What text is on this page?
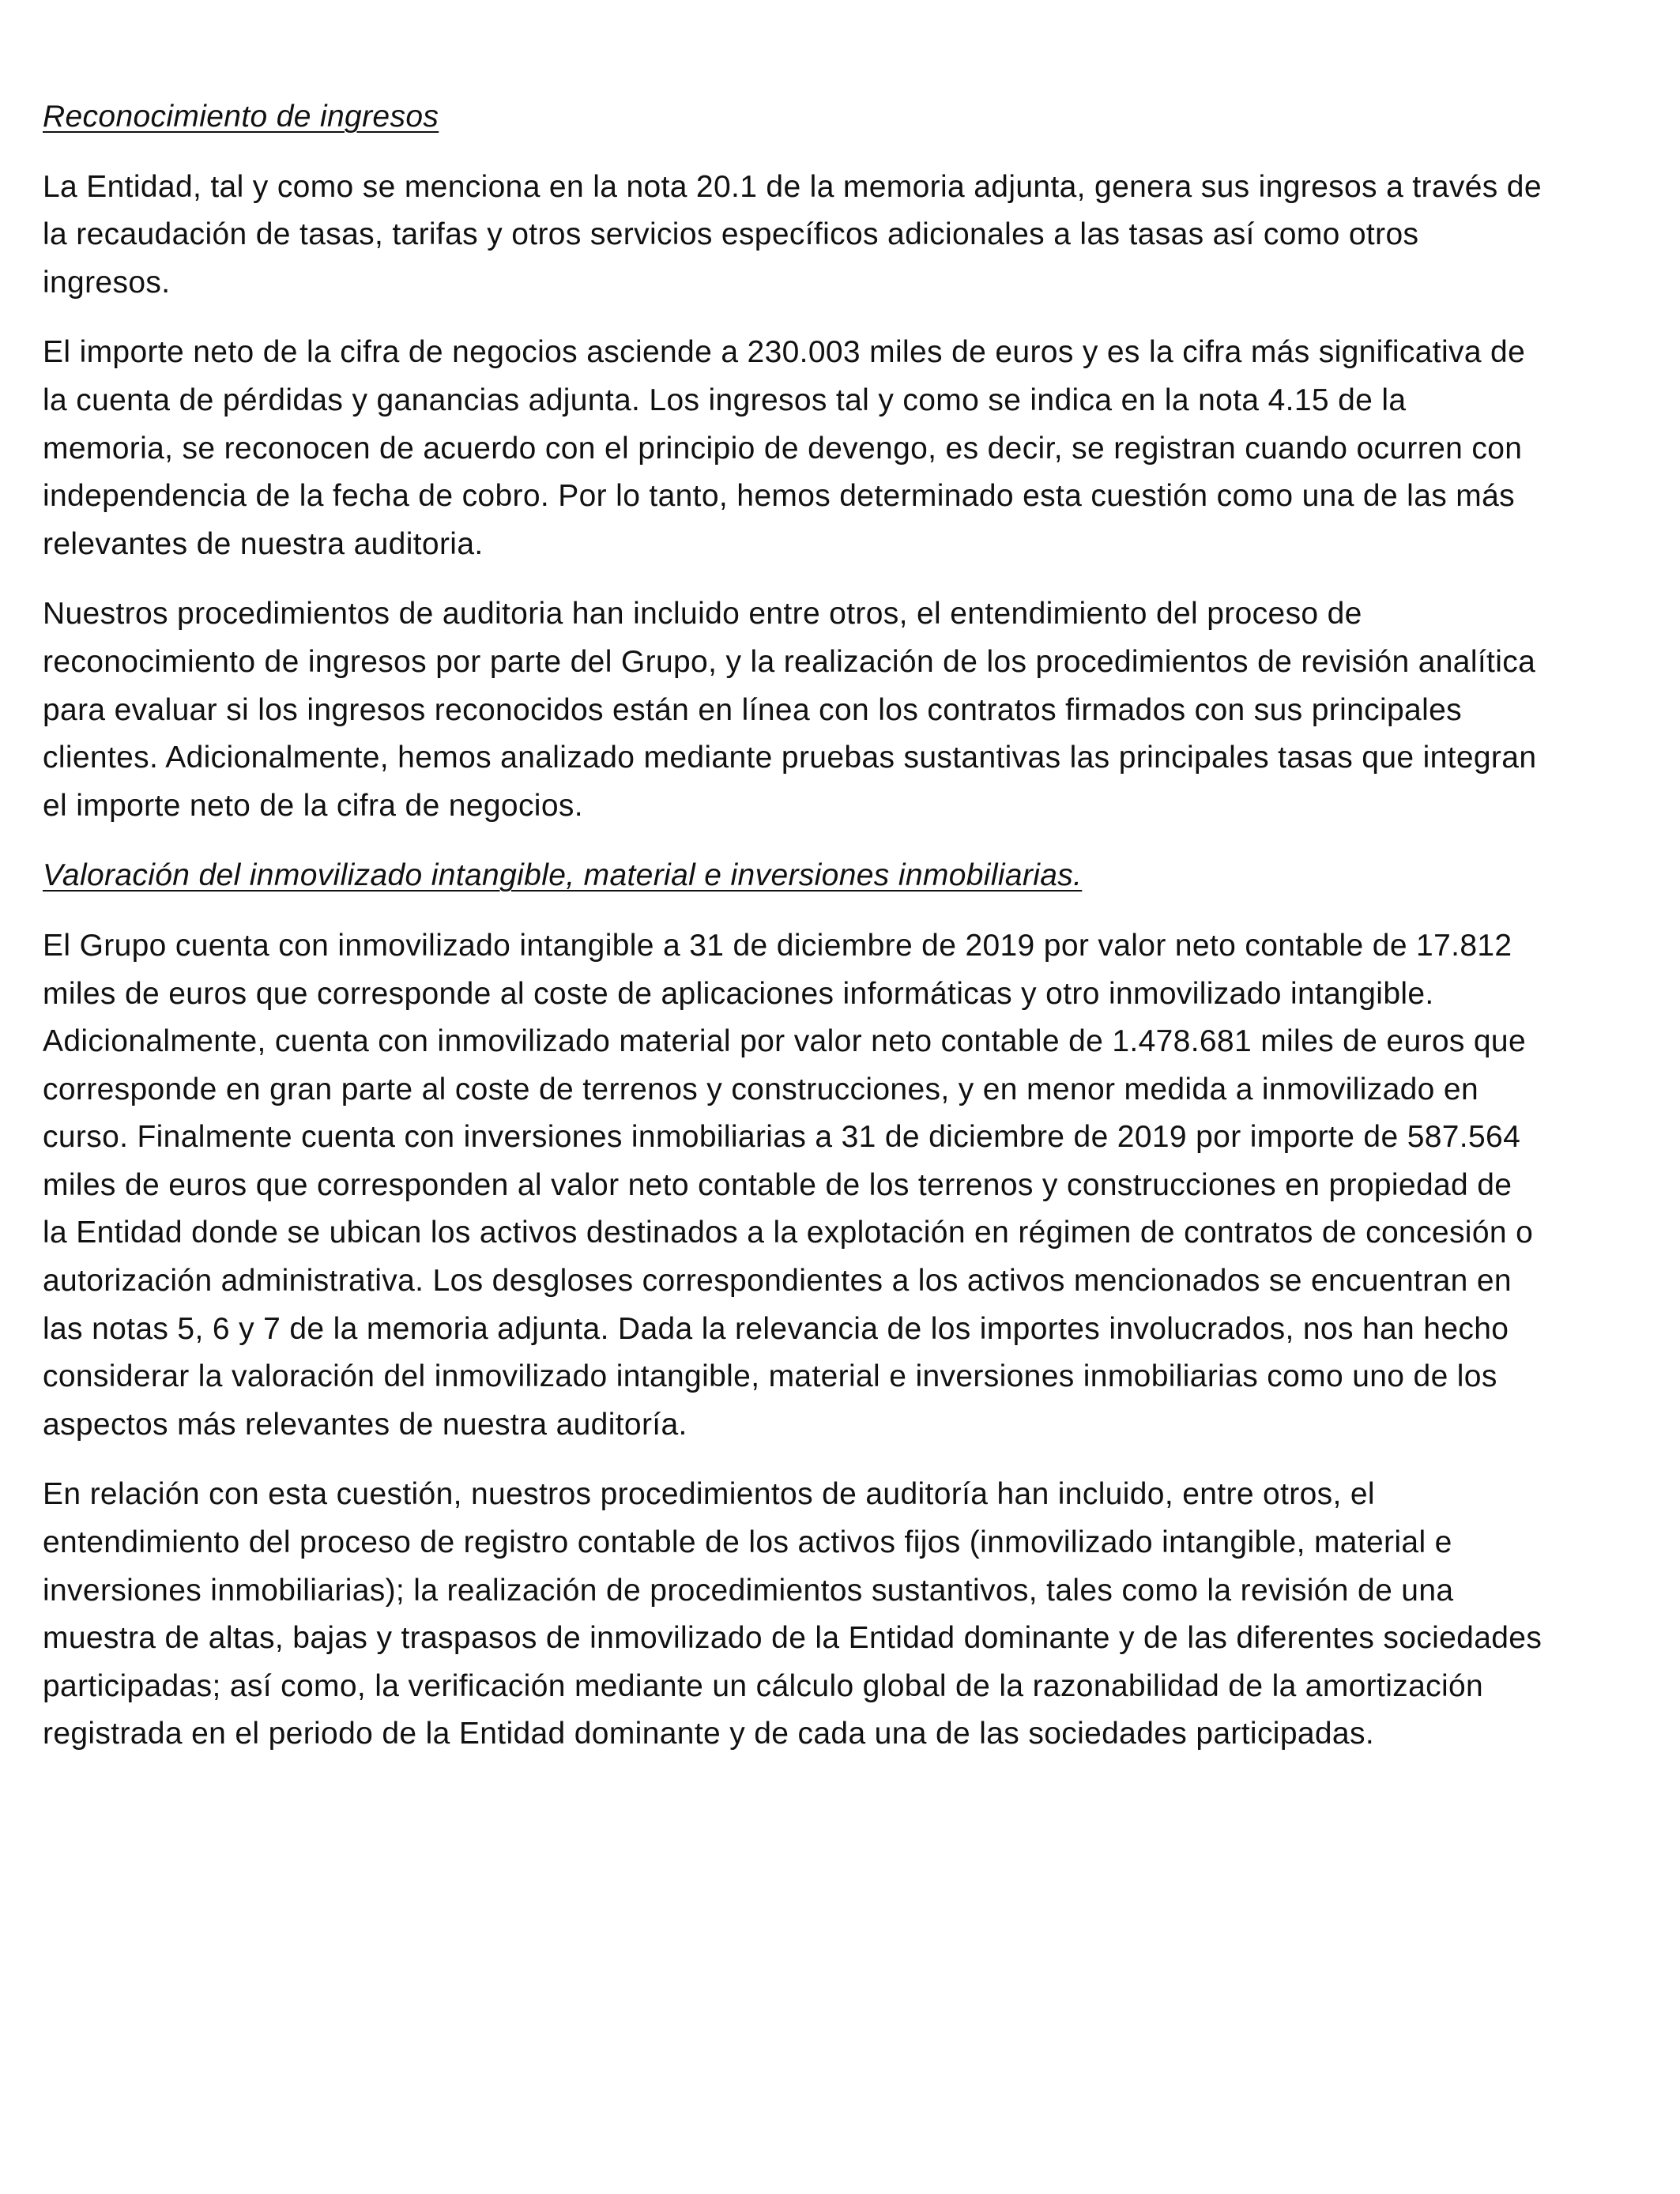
Reconocimiento de ingresos

La Entidad, tal y como se menciona en la nota 20.1 de la memoria adjunta, genera sus ingresos a través de la recaudación de tasas, tarifas y otros servicios específicos adicionales a las tasas así como otros ingresos.

El importe neto de la cifra de negocios asciende a 230.003 miles de euros y es la cifra más significativa de la cuenta de pérdidas y ganancias adjunta. Los ingresos tal y como se indica en la nota 4.15 de la memoria, se reconocen de acuerdo con el principio de devengo, es decir, se registran cuando ocurren con independencia de la fecha de cobro. Por lo tanto, hemos determinado esta cuestión como una de las más relevantes de nuestra auditoria.

Nuestros procedimientos de auditoria han incluido entre otros, el entendimiento del proceso de reconocimiento de ingresos por parte del Grupo, y la realización de los procedimientos de revisión analítica para evaluar si los ingresos reconocidos están en línea con los contratos firmados con sus principales clientes. Adicionalmente, hemos analizado mediante pruebas sustantivas las principales tasas que integran el importe neto de la cifra de negocios.

Valoración del inmovilizado intangible, material e inversiones inmobiliarias.

El Grupo cuenta con inmovilizado intangible a 31 de diciembre de 2019 por valor neto contable de 17.812 miles de euros que corresponde al coste de aplicaciones informáticas y otro inmovilizado intangible. Adicionalmente, cuenta con inmovilizado material por valor neto contable de 1.478.681 miles de euros que corresponde en gran parte al coste de terrenos y construcciones, y en menor medida a inmovilizado en curso. Finalmente cuenta con inversiones inmobiliarias a 31 de diciembre de 2019 por importe de 587.564 miles de euros que corresponden al valor neto contable de los terrenos y construcciones en propiedad de la Entidad donde se ubican los activos destinados a la explotación en régimen de contratos de concesión o autorización administrativa. Los desgloses correspondientes a los activos mencionados se encuentran en las notas 5, 6 y 7 de la memoria adjunta. Dada la relevancia de los importes involucrados, nos han hecho considerar la valoración del inmovilizado intangible, material e inversiones inmobiliarias como uno de los aspectos más relevantes de nuestra auditoría.

En relación con esta cuestión, nuestros procedimientos de auditoría han incluido, entre otros, el entendimiento del proceso de registro contable de los activos fijos (inmovilizado intangible, material e inversiones inmobiliarias); la realización de procedimientos sustantivos, tales como la revisión de una muestra de altas, bajas y traspasos de inmovilizado de la Entidad dominante y de las diferentes sociedades participadas; así como, la verificación mediante un cálculo global de la razonabilidad de la amortización registrada en el periodo de la Entidad dominante y de cada una de las sociedades participadas.
